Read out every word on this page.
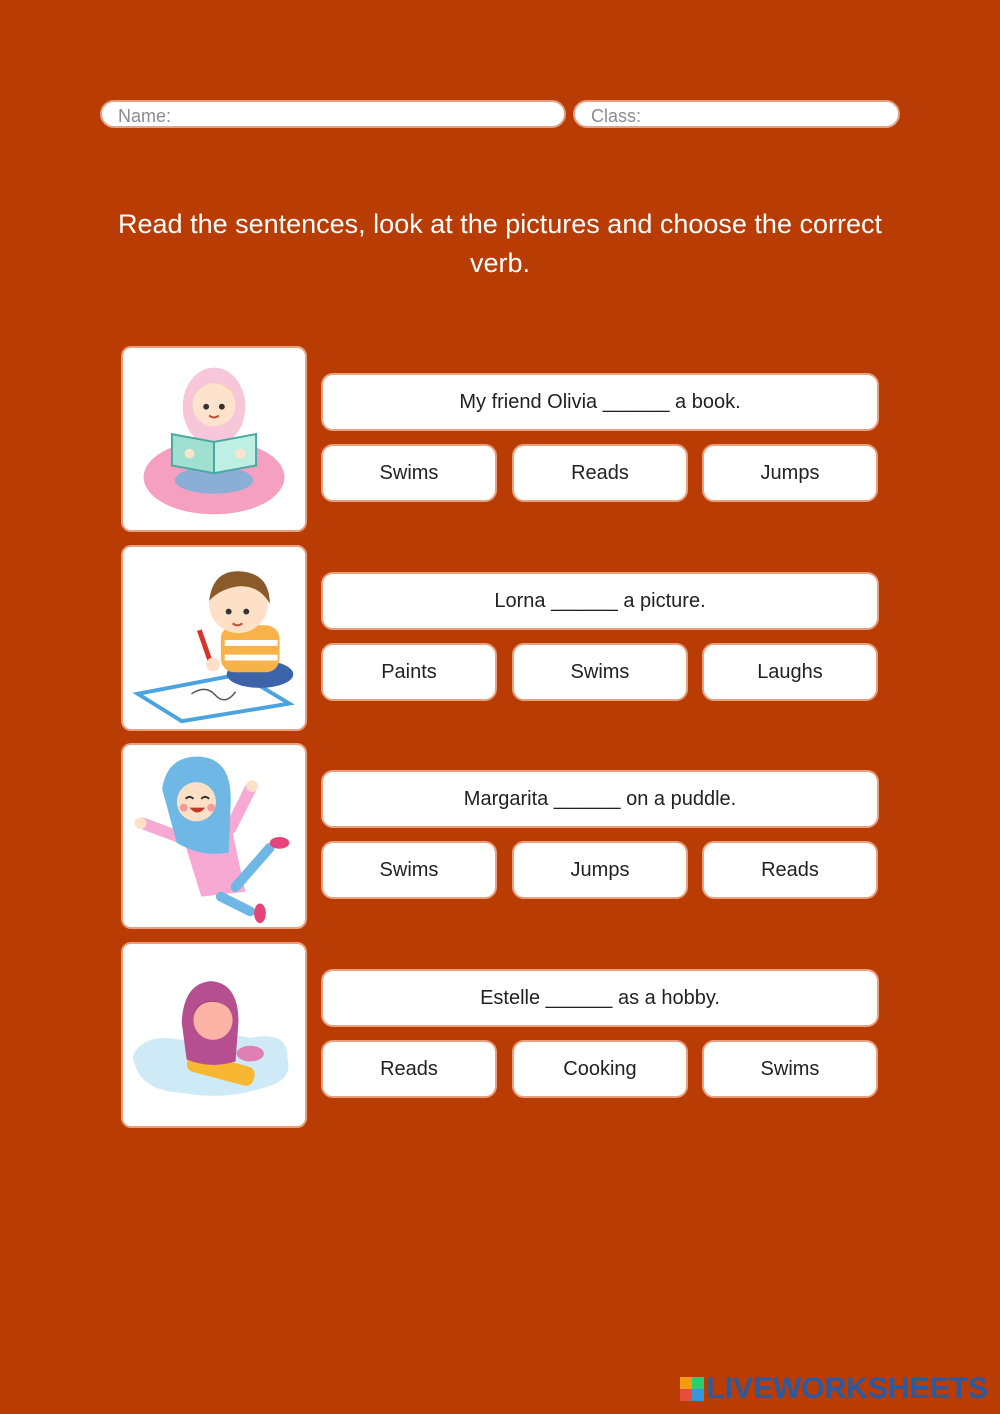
Name:	Class:
Read the sentences, look at the pictures and choose the correct verb.
My friend Olivia ______ a book.
Swims	Reads	Jumps
Lorna ______ a picture.
Paints	Swims	Laughs
Margarita ______ on a puddle.
Swims	Jumps	Reads
Estelle ______ as a hobby.
Reads	Cooking	Swims
LIVEWORKSHEETS
